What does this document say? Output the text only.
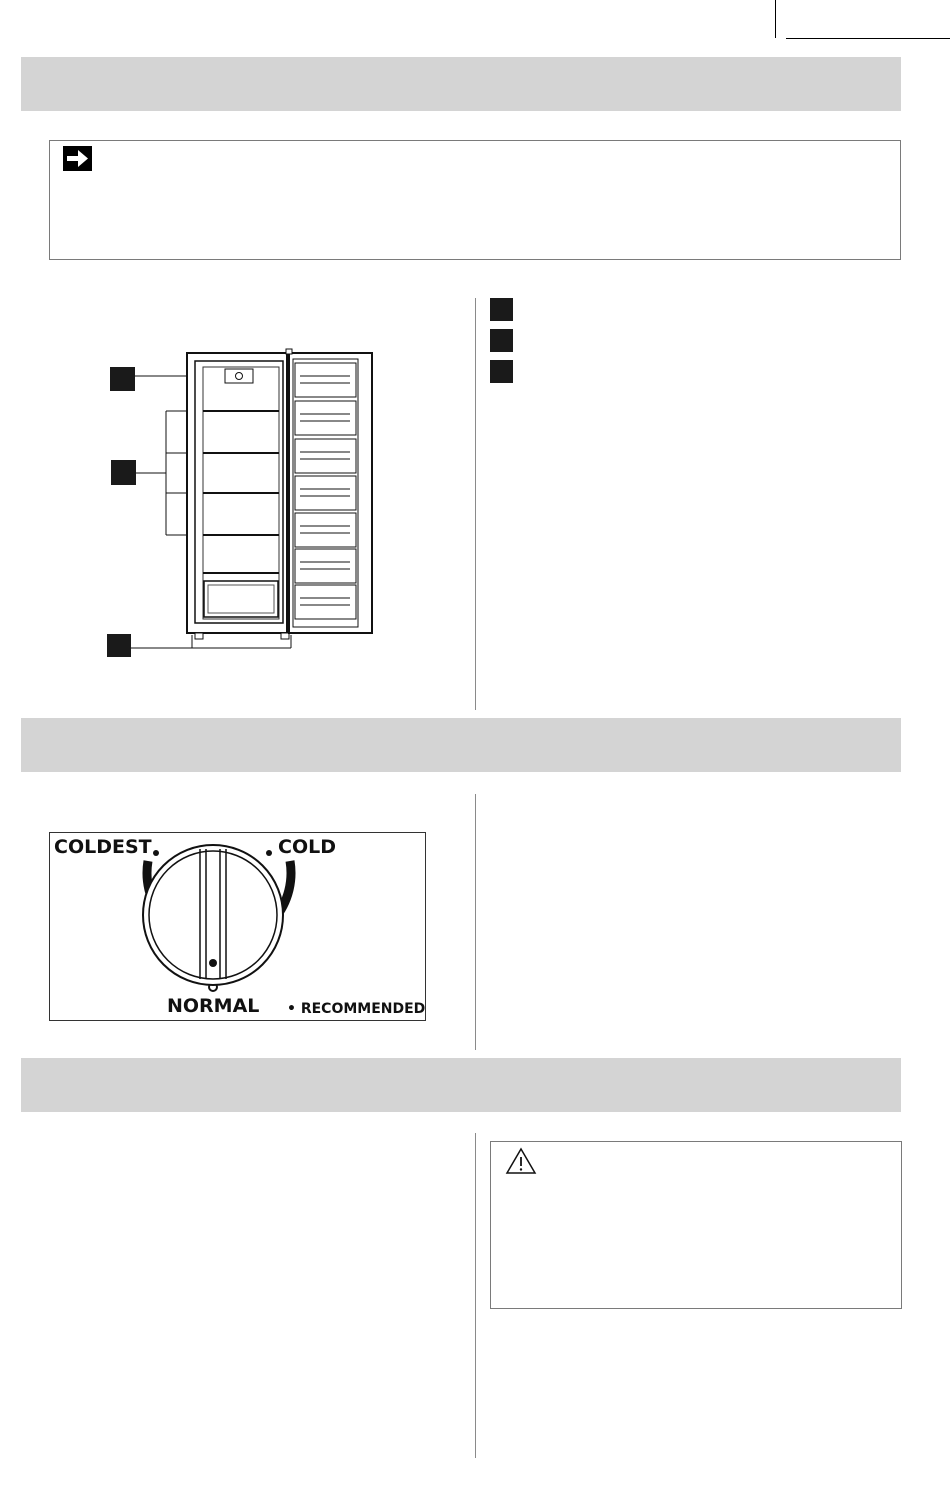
COLDEST	COLD
NORMAL • RECOMMENDED
